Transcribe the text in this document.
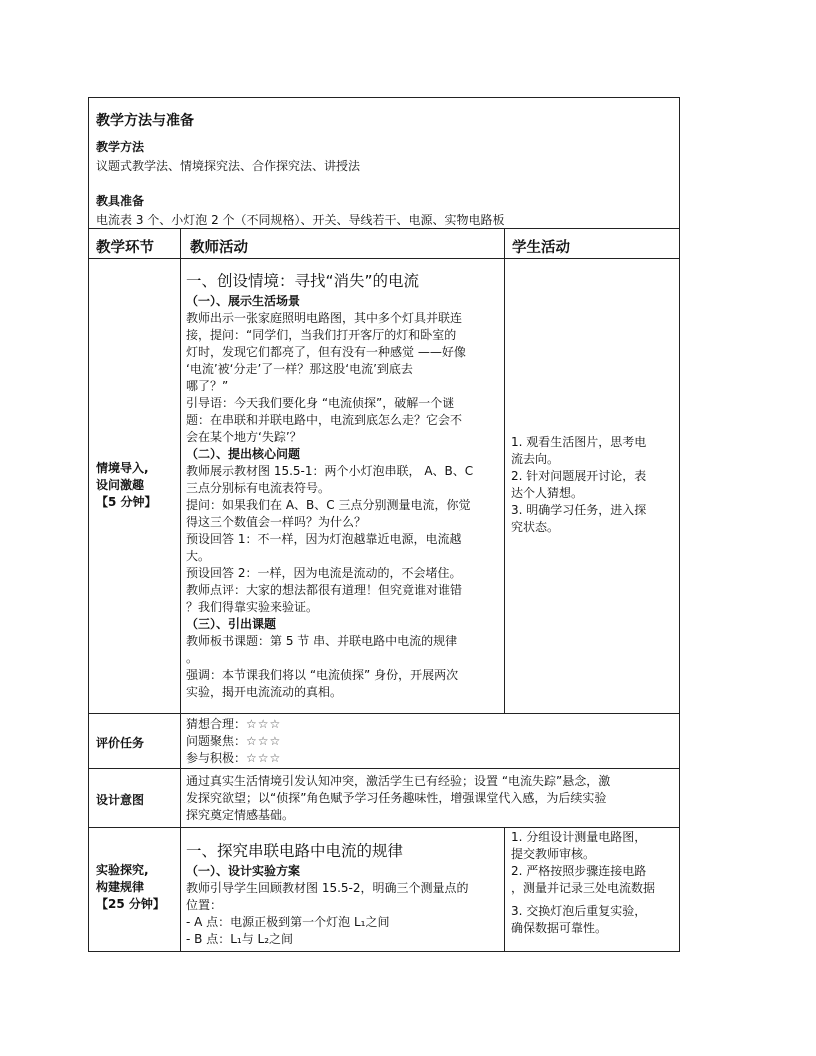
教学方法与准备

教学方法

议题式教学法、情境探究法、合作探究法、讲授法

教具准备

电流表 3 个、小灯泡 2 个（不同规格）、开关、导线若干、电源、实物电路板

教学环节 教师活动	学生活动

情境导入,

设问激趣

【5 分钟】

一、创设情境：寻找“消失”的电流

（一）、展示生活场景

教师出示一张家庭照明电路图，其中多个灯具并联连

接，提问：“同学们，当我们打开客厅的灯和卧室的

灯时，发现它们都亮了，但有没有一种感觉 ——好像

‘电流’被‘分走’了一样？那这股‘电流’到底去

哪了？”

引导语：今天我们要化身 “电流侦探”，破解一个谜

题：在串联和并联电路中，电流到底怎么走？它会不

会在某个地方‘失踪’？

（二）、提出核心问题

教师展示教材图 15.5-1：两个小灯泡串联， A、B、C

三点分别标有电流表符号。

提问：如果我们在 A、B、C 三点分别测量电流，你觉

得这三个数值会一样吗？为什么？

预设回答 1：不一样，因为灯泡越靠近电源，电流越

大。

预设回答 2：一样，因为电流是流动的，不会堵住。

教师点评：大家的想法都很有道理！但究竟谁对谁错

？我们得靠实验来验证。

（三）、引出课题

教师板书课题：第 5 节 串、并联电路中电流的规律

。

强调：本节课我们将以 “电流侦探” 身份，开展两次

实验，揭开电流流动的真相。

1. 观看生活图片，思考电

流去向。

2. 针对问题展开讨论，表

达个人猜想。

3. 明确学习任务，进入探

究状态。

评价任务

猜想合理：☆☆☆

问题聚焦：☆☆☆

参与积极：☆☆☆

设计意图

通过真实生活情境引发认知冲突，激活学生已有经验；设置 “电流失踪”悬念，激

发探究欲望；以“侦探”角色赋予学习任务趣味性，增强课堂代入感，为后续实验

探究奠定情感基础。

实验探究,

构建规律

【25 分钟】

一、探究串联电路中电流的规律

（一）、设计实验方案

教师引导学生回顾教材图 15.5-2，明确三个测量点的

位置：

- A 点：电源正极到第一个灯泡 L₁之间

- B 点：L₁与 L₂之间

1. 分组设计测量电路图，

提交教师审核。

2. 严格按照步骤连接电路

，测量并记录三处电流数据

3. 交换灯泡后重复实验，

确保数据可靠性。
